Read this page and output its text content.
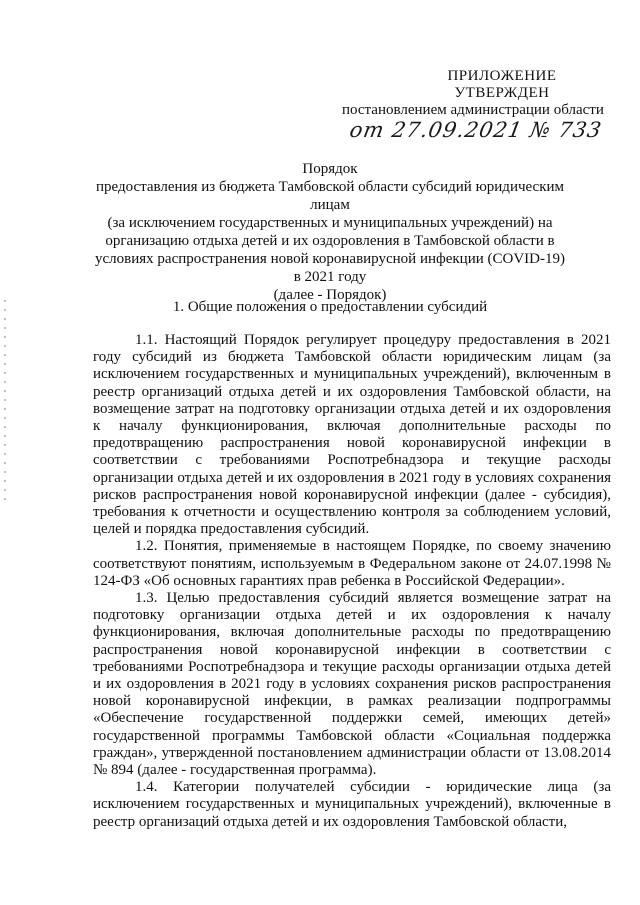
ПРИЛОЖЕНИЕ
УТВЕРЖДЕН
постановлением администрации области
от 27.09.2021 № 733
Порядок
предоставления из бюджета Тамбовской области субсидий юридическим лицам
(за исключением государственных и муниципальных учреждений) на
организацию отдыха детей и их оздоровления в Тамбовской области в
условиях распространения новой коронавирусной инфекции (COVID-19)
в 2021 году
(далее - Порядок)
1. Общие положения о предоставлении субсидий

1.1. Настоящий Порядок регулирует процедуру предоставления в 2021 году субсидий из бюджета Тамбовской области юридическим лицам (за исключением государственных и муниципальных учреждений), включенным в реестр организаций отдыха детей и их оздоровления Тамбовской области, на возмещение затрат на подготовку организации отдыха детей и их оздоровления к началу функционирования, включая дополнительные расходы по предотвращению распространения новой коронавирусной инфекции в соответствии с требованиями Роспотребнадзора и текущие расходы организации отдыха детей и их оздоровления в 2021 году в условиях сохранения рисков распространения новой коронавирусной инфекции (далее - субсидия), требования к отчетности и осуществлению контроля за соблюдением условий, целей и порядка предоставления субсидий.

1.2. Понятия, применяемые в настоящем Порядке, по своему значению соответствуют понятиям, используемым в Федеральном законе от 24.07.1998 № 124-ФЗ «Об основных гарантиях прав ребенка в Российской Федерации».

1.3. Целью предоставления субсидий является возмещение затрат на подготовку организации отдыха детей и их оздоровления к началу функционирования, включая дополнительные расходы по предотвращению распространения новой коронавирусной инфекции в соответствии с требованиями Роспотребнадзора и текущие расходы организации отдыха детей и их оздоровления в 2021 году в условиях сохранения рисков распространения новой коронавирусной инфекции, в рамках реализации подпрограммы «Обеспечение государственной поддержки семей, имеющих детей» государственной программы Тамбовской области «Социальная поддержка граждан», утвержденной постановлением администрации области от 13.08.2014 № 894 (далее - государственная программа).

1.4. Категории получателей субсидии - юридические лица (за исключением государственных и муниципальных учреждений), включенные в реестр организаций отдыха детей и их оздоровления Тамбовской области,
